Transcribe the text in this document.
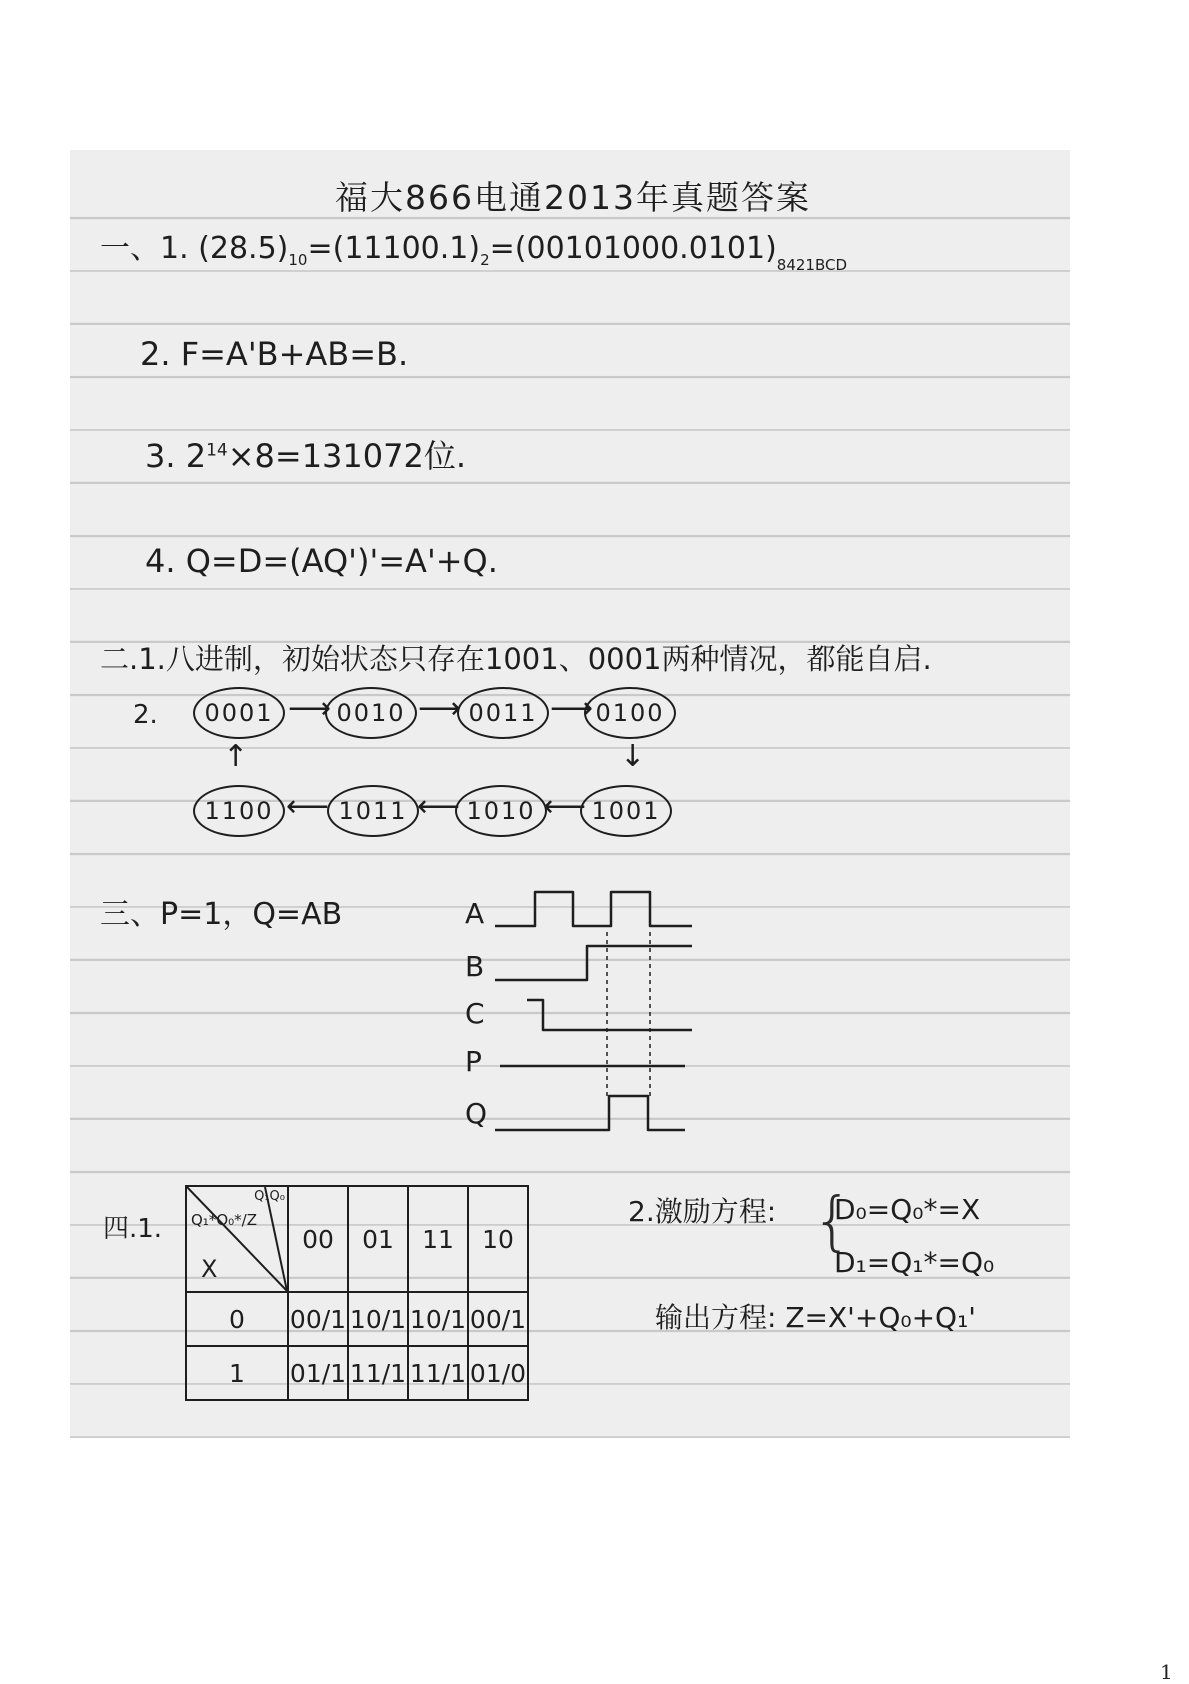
福大866电通2013年真题答案
一、1. $(28.5)_{10}=(11100.1)_2=(00101000.0101)_{8421BCD}$
2. F=A'B+AB=B.
3. $2^{14}\times 8=131072$位.
4. Q=D=(AQ')'=A'+Q.
二.1.八进制，初始状态只存在1001、0001两种情况，都能自启.
2.	0001 ⟶ 0010 ⟶ 0011 ⟶ 0100
↓
↑
1100 ⟵ 1011 ⟵ 1010 ⟵ 1001
三、P=1，Q=AB	A
B
C
P
Q
四.1. Q₁*Q₀*/Z
Q₁Q₀
X	00	01	11	10

0	00/1	10/1	10/1	00/1
1	01/1	11/1	11/1	01/0
2.激励方程: {
D₀=Q₀*=X
D₁=Q₁*=Q₀
输出方程: Z=X'+Q₀+Q₁'
1
